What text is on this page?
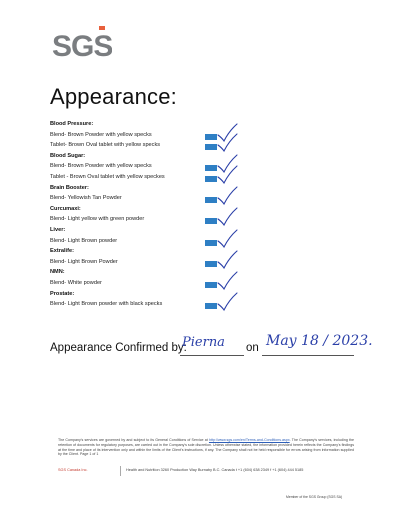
SGS
Appearance:
Blood Pressure:
Blend- Brown Powder with yellow specks
Tablet- Brown Oval tablet with yellow specks
Blood Sugar:
Blend- Brown Powder with yellow specks
Tablet - Brown Oval tablet with yellow speckes
Brain Booster:
Blend- Yellowish Tan Powder
Curcumaxi:
Blend- Light yellow with green powder
Liver:
Blend- Light Brown powder
Extralife:
Blend- Light Brown Powder
NMN:
Blend- White powder
Prostate:
Blend- Light Brown powder with black specks
Appearance Confirmed by:
Pierna on May 18 / 2023.
The Company's services are governed by and subject to its General Conditions of Service at http://www.sgs.com/en/Terms-and-Conditions.aspx. The Company's services, including the retention of documents for regulatory purposes, are carried out in the Company's sole discretion. Unless otherwise stated, the information provided herein reflects the Company's findings at the time and place of its intervention only and within the limits of the Client's instructions, if any. The Company shall not be held responsible for errors arising from information supplied by the Client. Page 1 of 1
SGS Canada Inc.	Health and Nutrition 3260 Production Way Burnaby B.C. Canada t +1 (604) 638 2349 f +1 (604) 444 5185
Member of the SGS Group (SGS SA)
